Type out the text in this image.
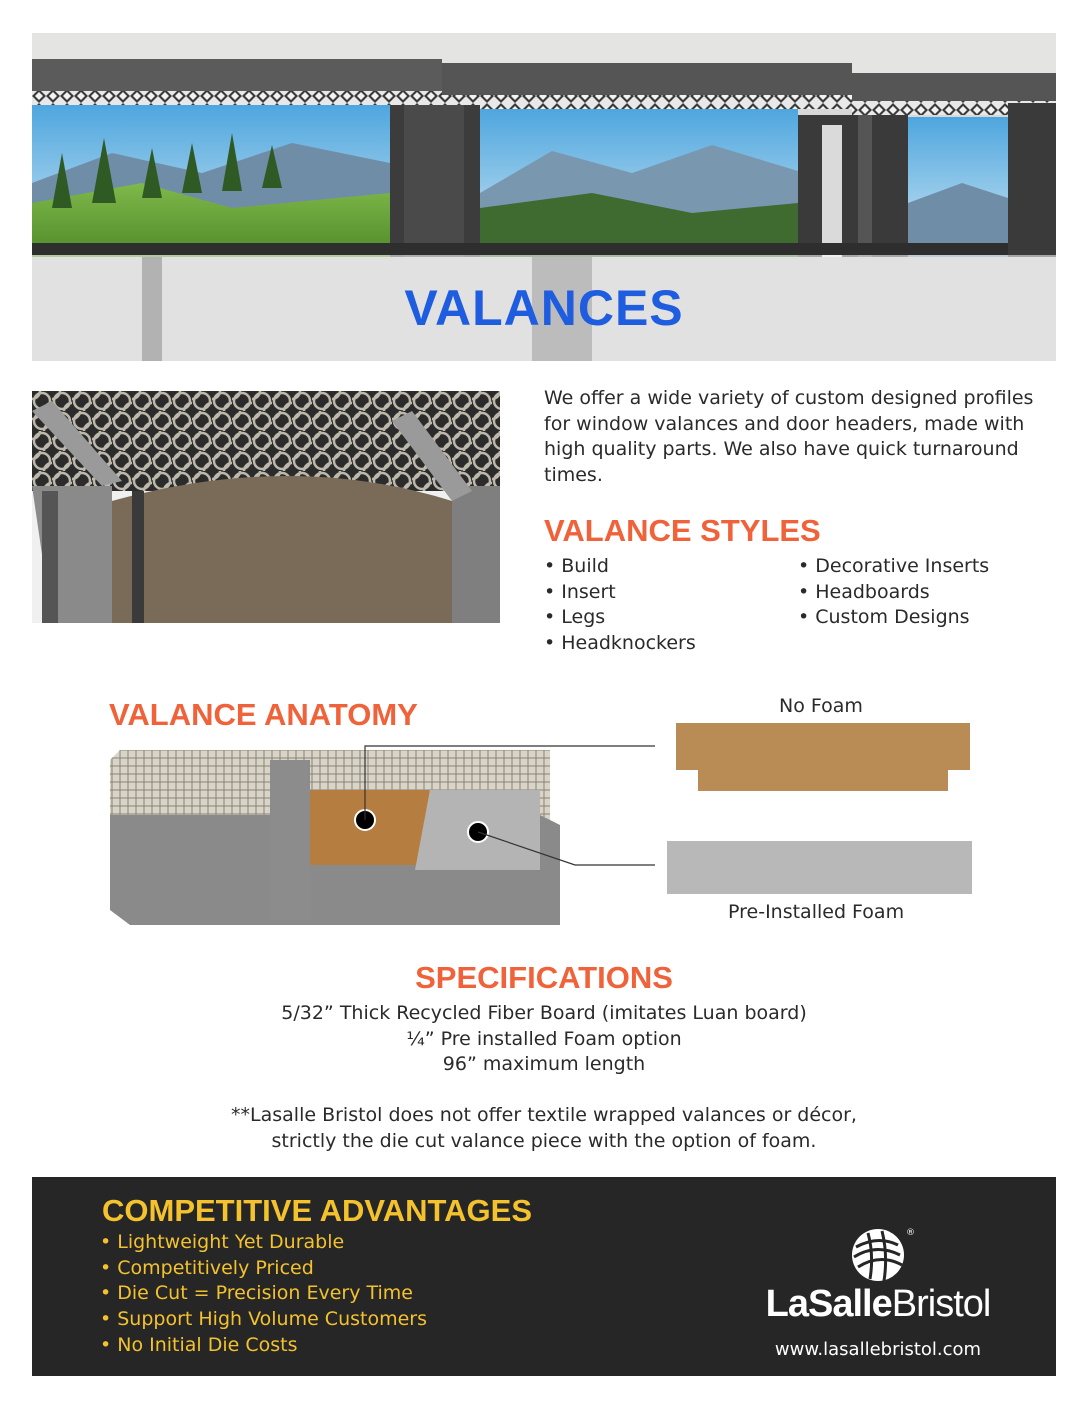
VALANCES
We offer a wide variety of custom designed profiles for window valances and door headers, made with high quality parts. We also have quick turnaround times.
VALANCE STYLES
• Build
• Insert
• Legs
• Headknockers
• Decorative Inserts
• Headboards
• Custom Designs
VALANCE ANATOMY	No Foam
Pre-Installed Foam
SPECIFICATIONS
5/32” Thick Recycled Fiber Board (imitates Luan board)
¼” Pre installed Foam option
96” maximum length
**Lasalle Bristol does not offer textile wrapped valances or décor,
strictly the die cut valance piece with the option of foam.
COMPETITIVE ADVANTAGES
• Lightweight Yet Durable
• Competitively Priced
• Die Cut = Precision Every Time
• Support High Volume Customers
• No Initial Die Costs
®
LaSalleBristol
www.lasallebristol.com
